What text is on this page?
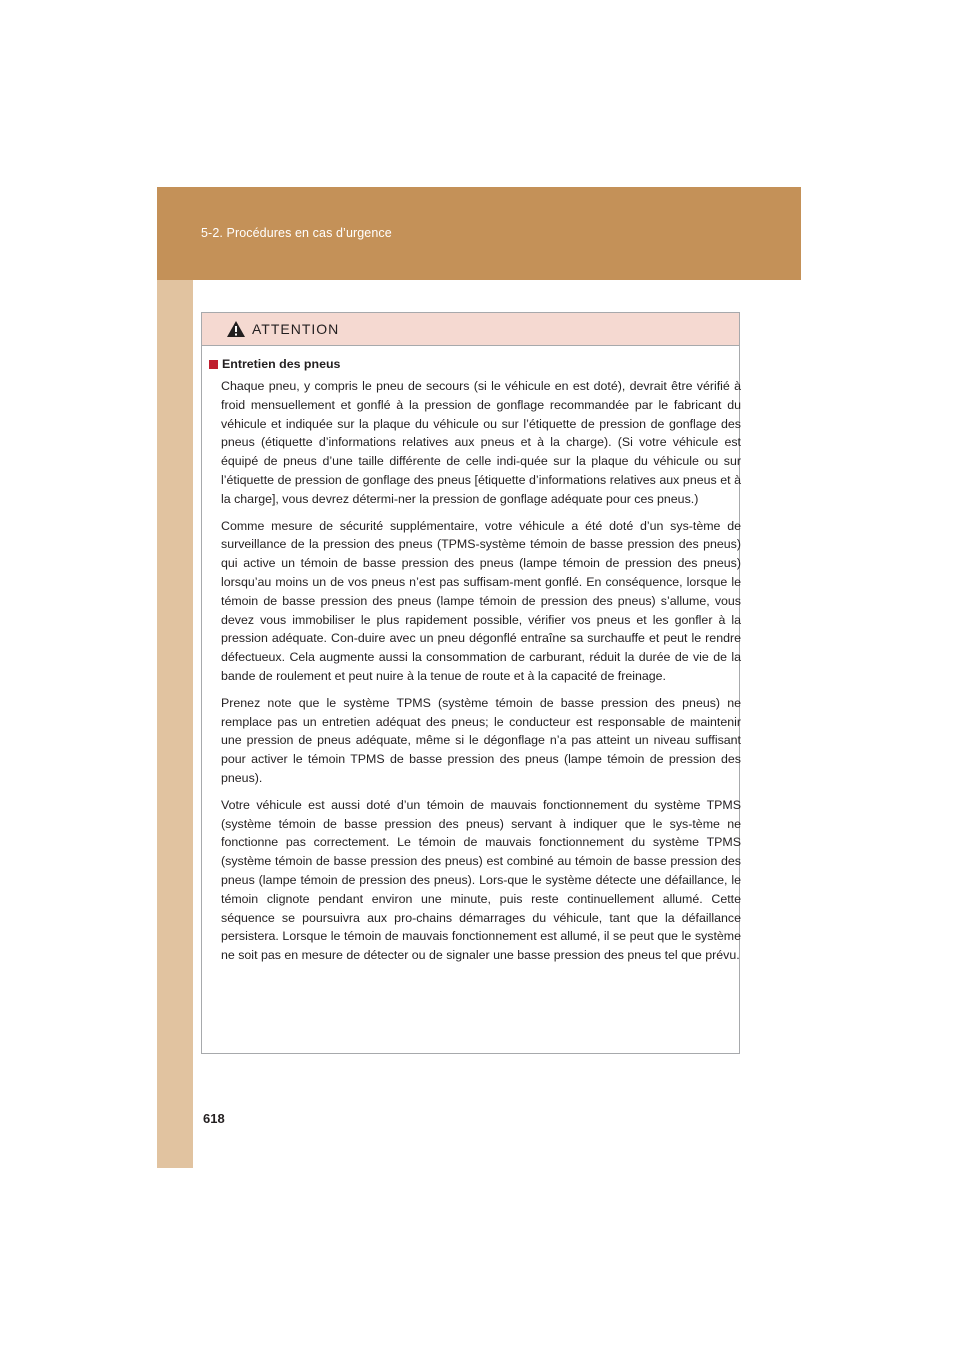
5-2. Procédures en cas d’urgence
ATTENTION
Entretien des pneus

Chaque pneu, y compris le pneu de secours (si le véhicule en est doté), devrait être vérifié à froid mensuellement et gonflé à la pression de gonflage recommandée par le fabricant du véhicule et indiquée sur la plaque du véhicule ou sur l’étiquette de pression de gonflage des pneus (étiquette d’informations relatives aux pneus et à la charge). (Si votre véhicule est équipé de pneus d’une taille différente de celle indi-quée sur la plaque du véhicule ou sur l’étiquette de pression de gonflage des pneus [étiquette d’informations relatives aux pneus et à la charge], vous devrez détermi-ner la pression de gonflage adéquate pour ces pneus.)

Comme mesure de sécurité supplémentaire, votre véhicule a été doté d’un sys-tème de surveillance de la pression des pneus (TPMS-système témoin de basse pression des pneus) qui active un témoin de basse pression des pneus (lampe témoin de pression des pneus) lorsqu’au moins un de vos pneus n’est pas suffisam-ment gonflé. En conséquence, lorsque le témoin de basse pression des pneus (lampe témoin de pression des pneus) s’allume, vous devez vous immobiliser le plus rapidement possible, vérifier vos pneus et les gonfler à la pression adéquate. Con-duire avec un pneu dégonflé entraîne sa surchauffe et peut le rendre défectueux. Cela augmente aussi la consommation de carburant, réduit la durée de vie de la bande de roulement et peut nuire à la tenue de route et à la capacité de freinage.

Prenez note que le système TPMS (système témoin de basse pression des pneus) ne remplace pas un entretien adéquat des pneus; le conducteur est responsable de maintenir une pression de pneus adéquate, même si le dégonflage n’a pas atteint un niveau suffisant pour activer le témoin TPMS de basse pression des pneus (lampe témoin de pression des pneus).

Votre véhicule est aussi doté d’un témoin de mauvais fonctionnement du système TPMS (système témoin de basse pression des pneus) servant à indiquer que le sys-tème ne fonctionne pas correctement. Le témoin de mauvais fonctionnement du système TPMS (système témoin de basse pression des pneus) est combiné au témoin de basse pression des pneus (lampe témoin de pression des pneus). Lors-que le système détecte une défaillance, le témoin clignote pendant environ une minute, puis reste continuellement allumé. Cette séquence se poursuivra aux pro-chains démarrages du véhicule, tant que la défaillance persistera. Lorsque le témoin de mauvais fonctionnement est allumé, il se peut que le système ne soit pas en mesure de détecter ou de signaler une basse pression des pneus tel que prévu.

618
